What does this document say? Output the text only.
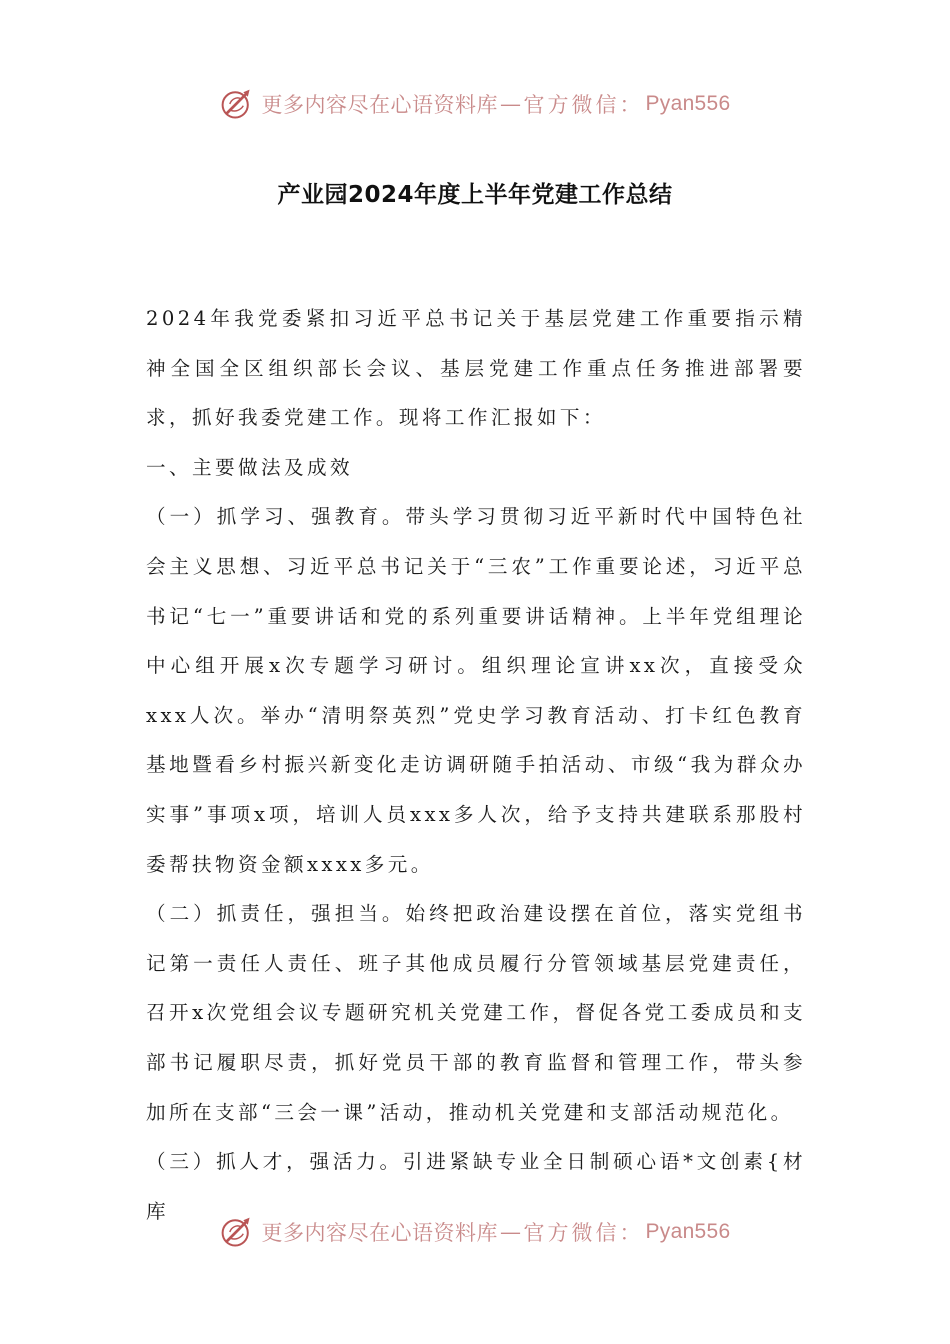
更多内容尽在心语资料库 — 官方微信： Pyan556
产业园2024年度上半年党建工作总结

2024年我党委紧扣习近平总书记关于基层党建工作重要指示精神全国全区组织部长会议、基层党建工作重点任务推进部署要求，抓好我委党建工作。现将工作汇报如下：

一、主要做法及成效

（一）抓学习、强教育。带头学习贯彻习近平新时代中国特色社会主义思想、习近平总书记关于“三农”工作重要论述，习近平总书记“七一”重要讲话和党的系列重要讲话精神。上半年党组理论中心组开展x次专题学习研讨。组织理论宣讲xx次，直接受众xxx人次。举办“清明祭英烈”党史学习教育活动、打卡红色教育基地暨看乡村振兴新变化走访调研随手拍活动、市级“我为群众办实事”事项x项，培训人员xxx多人次，给予支持共建联系那股村委帮扶物资金额xxxx多元。

（二）抓责任，强担当。始终把政治建设摆在首位，落实党组书记第一责任人责任、班子其他成员履行分管领域基层党建责任，召开x次党组会议专题研究机关党建工作，督促各党工委成员和支部书记履职尽责，抓好党员干部的教育监督和管理工作，带头参加所在支部“三会一课”活动，推动机关党建和支部活动规范化。

（三）抓人才，强活力。引进紧缺专业全日制硕心语*文创素{材库

更多内容尽在心语资料库 — 官方微信： Pyan556
